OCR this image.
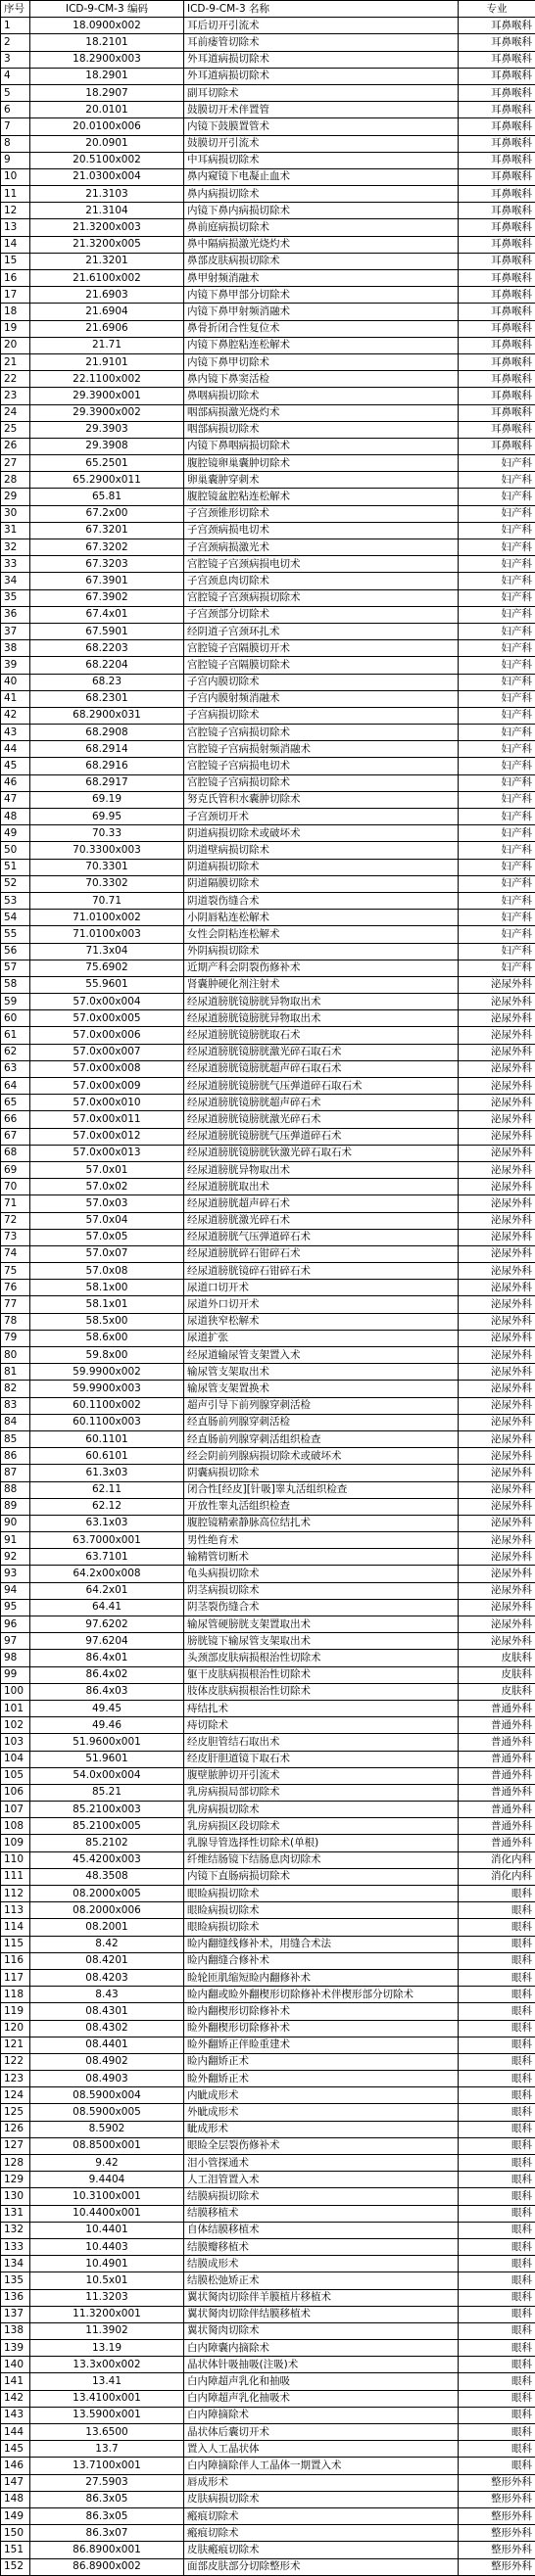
序号	ICD-9-CM-3 编码	ICD-9-CM-3 名称	专业
1	18.0900x002	耳后切开引流术	耳鼻喉科
2	18.2101	耳前瘘管切除术	耳鼻喉科
3	18.2900x003	外耳道病损切除术	耳鼻喉科
4	18.2901	外耳道病损切除术	耳鼻喉科
5	18.2907	副耳切除术	耳鼻喉科
6	20.0101	鼓膜切开术伴置管	耳鼻喉科
7	20.0100x006	内镜下鼓膜置管术	耳鼻喉科
8	20.0901	鼓膜切开引流术	耳鼻喉科
9	20.5100x002	中耳病损切除术	耳鼻喉科
10	21.0300x004	鼻内窥镜下电凝止血术	耳鼻喉科
11	21.3103	鼻内病损切除术	耳鼻喉科
12	21.3104	内镜下鼻内病损切除术	耳鼻喉科
13	21.3200x003	鼻前庭病损切除术	耳鼻喉科
14	21.3200x005	鼻中隔病损激光烧灼术	耳鼻喉科
15	21.3201	鼻部皮肤病损切除术	耳鼻喉科
16	21.6100x002	鼻甲射频消融术	耳鼻喉科
17	21.6903	内镜下鼻甲部分切除术	耳鼻喉科
18	21.6904	内镜下鼻甲射频消融术	耳鼻喉科
19	21.6906	鼻骨折闭合性复位术	耳鼻喉科
20	21.71	内镜下鼻腔粘连松解术	耳鼻喉科
21	21.9101	内镜下鼻甲切除术	耳鼻喉科
22	22.1100x002	鼻内镜下鼻窦活检	耳鼻喉科
23	29.3900x001	鼻咽病损切除术	耳鼻喉科
24	29.3900x002	咽部病损激光烧灼术	耳鼻喉科
25	29.3903	咽部病损切除术	耳鼻喉科
26	29.3908	内镜下鼻咽病损切除术	耳鼻喉科
27	65.2501	腹腔镜卵巢囊肿切除术	妇产科
28	65.2900x011	卵巢囊肿穿刺术	妇产科
29	65.81	腹腔镜盆腔粘连松解术	妇产科
30	67.2x00	子宫颈锥形切除术	妇产科
31	67.3201	子宫颈病损电切术	妇产科
32	67.3202	子宫颈病损激光术	妇产科
33	67.3203	宫腔镜子宫颈病损电切术	妇产科
34	67.3901	子宫颈息肉切除术	妇产科
35	67.3902	宫腔镜子宫颈病损切除术	妇产科
36	67.4x01	子宫颈部分切除术	妇产科
37	67.5901	经阴道子宫颈环扎术	妇产科
38	68.2203	宫腔镜子宫隔膜切开术	妇产科
39	68.2204	宫腔镜子宫隔膜切除术	妇产科
40	68.23	子宫内膜切除术	妇产科
41	68.2301	子宫内膜射频消融术	妇产科
42	68.2900x031	子宫病损切除术	妇产科
43	68.2908	宫腔镜子宫病损切除术	妇产科
44	68.2914	宫腔镜子宫病损射频消融术	妇产科
45	68.2916	宫腔镜子宫病损电切术	妇产科
46	68.2917	宫腔镜子宫病损切除术	妇产科
47	69.19	努克氏管积水囊肿切除术	妇产科
48	69.95	子宫颈切开术	妇产科
49	70.33	阴道病损切除术或破坏术	妇产科
50	70.3300x003	阴道壁病损切除术	妇产科
51	70.3301	阴道病损切除术	妇产科
52	70.3302	阴道隔膜切除术	妇产科
53	70.71	阴道裂伤缝合术	妇产科
54	71.0100x002	小阴唇粘连松解术	妇产科
55	71.0100x003	女性会阴粘连松解术	妇产科
56	71.3x04	外阴病损切除术	妇产科
57	75.6902	近期产科会阴裂伤修补术	妇产科
58	55.9601	肾囊肿硬化剂注射术	泌尿外科
59	57.0x00x004	经尿道膀胱镜膀胱异物取出术	泌尿外科
60	57.0x00x005	经尿道膀胱镜膀胱异物取出术	泌尿外科
61	57.0x00x006	经尿道膀胱镜膀胱取石术	泌尿外科
62	57.0x00x007	经尿道膀胱镜膀胱激光碎石取石术	泌尿外科
63	57.0x00x008	经尿道膀胱镜膀胱超声碎石取石术	泌尿外科
64	57.0x00x009	经尿道膀胱镜膀胱气压弹道碎石取石术	泌尿外科
65	57.0x00x010	经尿道膀胱镜膀胱超声碎石术	泌尿外科
66	57.0x00x011	经尿道膀胱镜膀胱激光碎石术	泌尿外科
67	57.0x00x012	经尿道膀胱镜膀胱气压弹道碎石术	泌尿外科
68	57.0x00x013	经尿道膀胱镜膀胱钬激光碎石取石术	泌尿外科
69	57.0x01	经尿道膀胱异物取出术	泌尿外科
70	57.0x02	经尿道膀胱取出术	泌尿外科
71	57.0x03	经尿道膀胱超声碎石术	泌尿外科
72	57.0x04	经尿道膀胱激光碎石术	泌尿外科
73	57.0x05	经尿道膀胱气压弹道碎石术	泌尿外科
74	57.0x07	经尿道膀胱碎石钳碎石术	泌尿外科
75	57.0x08	经尿道膀胱镜碎石钳碎石术	泌尿外科
76	58.1x00	尿道口切开术	泌尿外科
77	58.1x01	尿道外口切开术	泌尿外科
78	58.5x00	尿道狭窄松解术	泌尿外科
79	58.6x00	尿道扩张	泌尿外科
80	59.8x00	经尿道输尿管支架置入术	泌尿外科
81	59.9900x002	输尿管支架取出术	泌尿外科
82	59.9900x003	输尿管支架置换术	泌尿外科
83	60.1100x002	超声引导下前列腺穿刺活检	泌尿外科
84	60.1100x003	经直肠前列腺穿刺活检	泌尿外科
85	60.1101	经直肠前列腺穿刺活组织检查	泌尿外科
86	60.6101	经会阴前列腺病损切除术或破坏术	泌尿外科
87	61.3x03	阴囊病损切除术	泌尿外科
88	62.11	闭合性[经皮][针吸]睾丸活组织检查	泌尿外科
89	62.12	开放性睾丸活组织检查	泌尿外科
90	63.1x03	腹腔镜精索静脉高位结扎术	泌尿外科
91	63.7000x001	男性绝育术	泌尿外科
92	63.7101	输精管切断术	泌尿外科
93	64.2x00x008	龟头病损切除术	泌尿外科
94	64.2x01	阴茎病损切除术	泌尿外科
95	64.41	阴茎裂伤缝合术	泌尿外科
96	97.6202	输尿管硬膀胱支架置取出术	泌尿外科
97	97.6204	膀胱镜下输尿管支架取出术	泌尿外科
98	86.4x01	头颈部皮肤病损根治性切除术	皮肤科
99	86.4x02	躯干皮肤病损根治性切除术	皮肤科
100	86.4x03	肢体皮肤病损根治性切除术	皮肤科
101	49.45	痔结扎术	普通外科
102	49.46	痔切除术	普通外科
103	51.9600x001	经皮胆管结石取出术	普通外科
104	51.9601	经皮肝胆道镜下取石术	普通外科
105	54.0x00x004	腹壁脓肿切开引流术	普通外科
106	85.21	乳房病损局部切除术	普通外科
107	85.2100x003	乳房病损切除术	普通外科
108	85.2100x005	乳房病损区段切除术	普通外科
109	85.2102	乳腺导管选择性切除术(单根)	普通外科
110	45.4200x003	纤维结肠镜下结肠息肉切除术	消化内科
111	48.3508	内镜下直肠病损切除术	消化内科
112	08.2000x005	眼睑病损切除术	眼科
113	08.2000x006	眼睑病损切除术	眼科
114	08.2001	眼睑病损切除术	眼科
115	8.42	睑内翻缝线修补术，用缝合术法	眼科
116	08.4201	睑内翻缝合修补术	眼科
117	08.4203	睑轮匝肌缩短睑内翻修补术	眼科
118	8.43	睑内翻或睑外翻楔形切除修补术伴楔形部分切除术	眼科
119	08.4301	睑内翻楔形切除修补术	眼科
120	08.4302	睑外翻楔形切除修补术	眼科
121	08.4401	睑外翻矫正伴睑重建术	眼科
122	08.4902	睑内翻矫正术	眼科
123	08.4903	睑外翻矫正术	眼科
124	08.5900x004	内眦成形术	眼科
125	08.5900x005	外眦成形术	眼科
126	8.5902	眦成形术	眼科
127	08.8500x001	眼睑全层裂伤修补术	眼科
128	9.42	泪小管探通术	眼科
129	9.4404	人工泪管置入术	眼科
130	10.3100x001	结膜病损切除术	眼科
131	10.4400x001	结膜移植术	眼科
132	10.4401	自体结膜移植术	眼科
133	10.4403	结膜瓣移植术	眼科
134	10.4901	结膜成形术	眼科
135	10.5x01	结膜松弛矫正术	眼科
136	11.3203	翼状胬肉切除伴羊膜植片移植术	眼科
137	11.3200x001	翼状胬肉切除伴结膜移植术	眼科
138	11.3902	翼状胬肉切除术	眼科
139	13.19	白内障囊内摘除术	眼科
140	13.3x00x002	晶状体针吸抽吸(注吸)术	眼科
141	13.41	白内障超声乳化和抽吸	眼科
142	13.4100x001	白内障超声乳化抽吸术	眼科
143	13.5900x001	白内障摘除术	眼科
144	13.6500	晶状体后囊切开术	眼科
145	13.7	置入人工晶状体	眼科
146	13.7100x001	白内障摘除伴人工晶体一期置入术	眼科
147	27.5903	唇成形术	整形外科
148	86.3x05	皮肤病损切除术	整形外科
149	86.3x05	瘢痕切除术	整形外科
150	86.3x07	瘢痕切除术	整形外科
151	86.8900x001	皮肤瘢痕切除术	整形外科
152	86.8900x002	面部皮肤部分切除整形术	整形外科
